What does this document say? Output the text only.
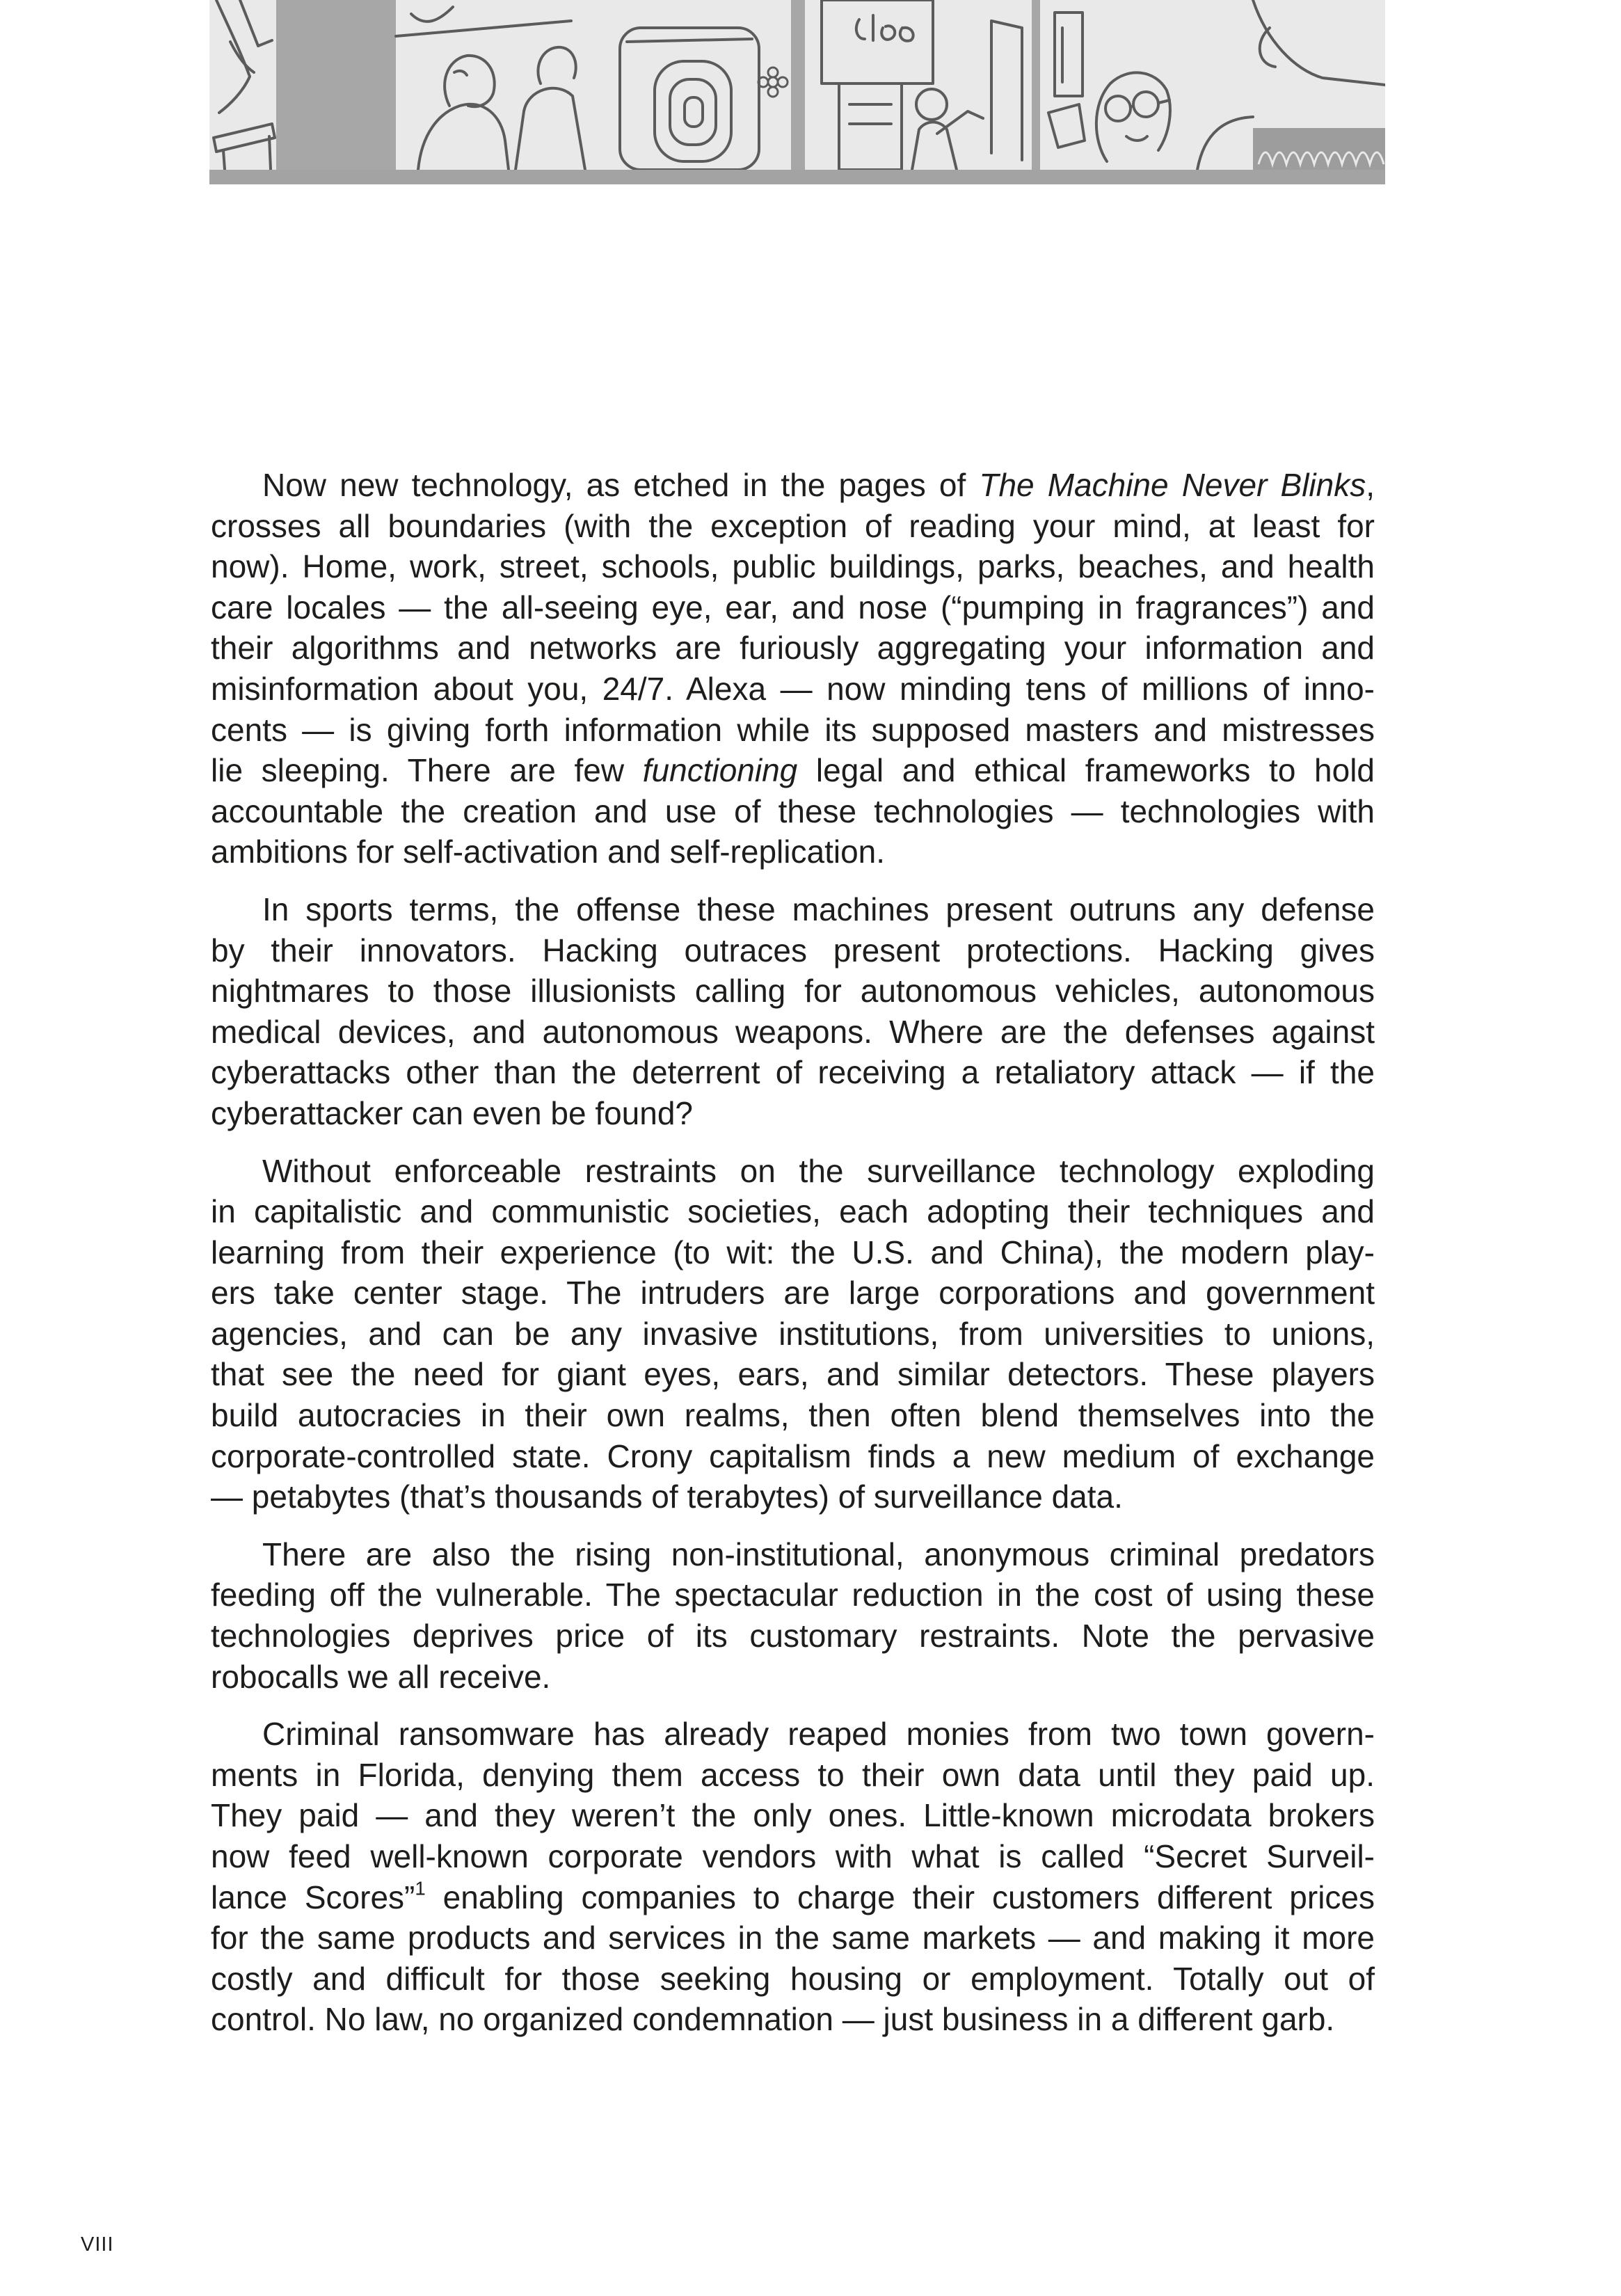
Now new technology, as etched in the pages of The Machine Never Blinks,
crosses all boundaries (with the exception of reading your mind, at least for
now). Home, work, street, schools, public buildings, parks, beaches, and health
care locales — the all-seeing eye, ear, and nose (“pumping in fragrances”) and
their algorithms and networks are furiously aggregating your information and
misinformation about you, 24/7. Alexa — now minding tens of millions of inno-
cents — is giving forth information while its supposed masters and mistresses
lie sleeping. There are few functioning legal and ethical frameworks to hold
accountable the creation and use of these technologies — technologies with
ambitions for self-activation and self-replication.
In sports terms, the offense these machines present outruns any defense
by their innovators. Hacking outraces present protections. Hacking gives
nightmares to those illusionists calling for autonomous vehicles, autonomous
medical devices, and autonomous weapons. Where are the defenses against
cyberattacks other than the deterrent of receiving a retaliatory attack — if the
cyberattacker can even be found?
Without enforceable restraints on the surveillance technology exploding
in capitalistic and communistic societies, each adopting their techniques and
learning from their experience (to wit: the U.S. and China), the modern play-
ers take center stage. The intruders are large corporations and government
agencies, and can be any invasive institutions, from universities to unions,
that see the need for giant eyes, ears, and similar detectors. These players
build autocracies in their own realms, then often blend themselves into the
corporate-controlled state. Crony capitalism finds a new medium of exchange
— petabytes (that’s thousands of terabytes) of surveillance data.
There are also the rising non-institutional, anonymous criminal predators
feeding off the vulnerable. The spectacular reduction in the cost of using these
technologies deprives price of its customary restraints. Note the pervasive
robocalls we all receive.
Criminal ransomware has already reaped monies from two town govern-
ments in Florida, denying them access to their own data until they paid up.
They paid — and they weren’t the only ones. Little-known microdata brokers
now feed well-known corporate vendors with what is called “Secret Surveil-
lance Scores”$^1$ enabling companies to charge their customers different prices
for the same products and services in the same markets — and making it more
costly and difficult for those seeking housing or employment. Totally out of
control. No law, no organized condemnation — just business in a different garb.
VIII
